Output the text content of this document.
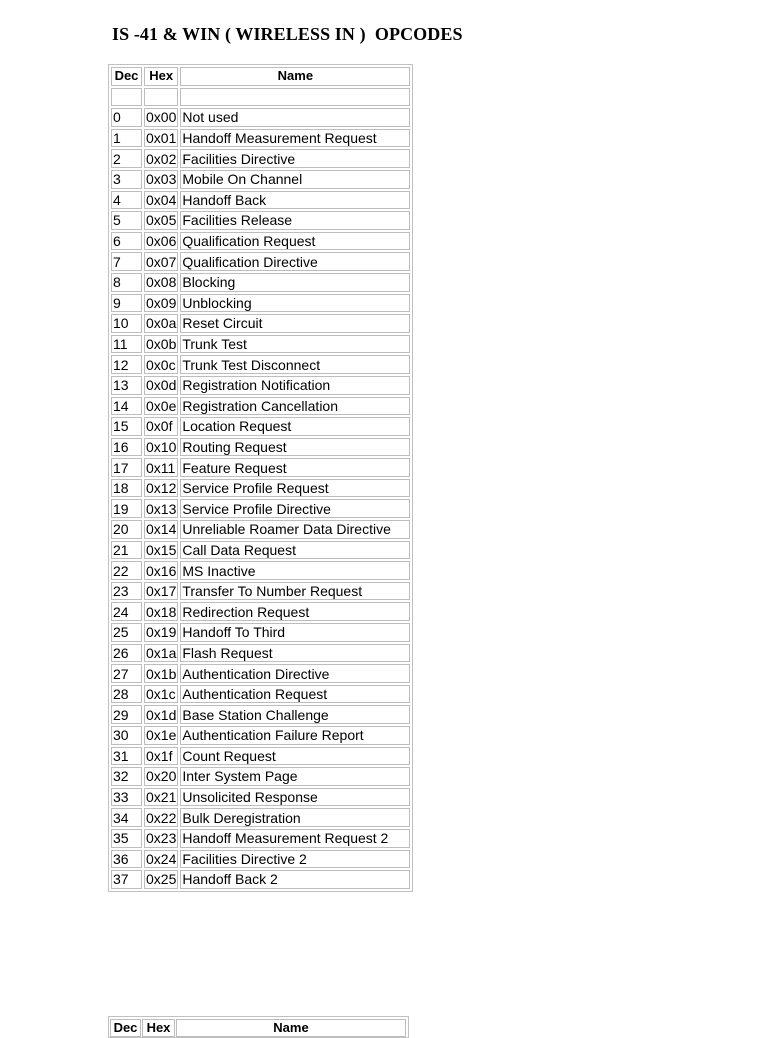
IS -41 & WIN ( WIRELESS IN )  OPCODES
Dec	Hex	Name

0	0x00	Not used
1	0x01	Handoff Measurement Request
2	0x02	Facilities Directive
3	0x03	Mobile On Channel
4	0x04	Handoff Back
5	0x05	Facilities Release
6	0x06	Qualification Request
7	0x07	Qualification Directive
8	0x08	Blocking
9	0x09	Unblocking
10	0x0a	Reset Circuit
11	0x0b	Trunk Test
12	0x0c	Trunk Test Disconnect
13	0x0d	Registration Notification
14	0x0e	Registration Cancellation
15	0x0f	Location Request
16	0x10	Routing Request
17	0x11	Feature Request
18	0x12	Service Profile Request
19	0x13	Service Profile Directive
20	0x14	Unreliable Roamer Data Directive
21	0x15	Call Data Request
22	0x16	MS Inactive
23	0x17	Transfer To Number Request
24	0x18	Redirection Request
25	0x19	Handoff To Third
26	0x1a	Flash Request
27	0x1b	Authentication Directive
28	0x1c	Authentication Request
29	0x1d	Base Station Challenge
30	0x1e	Authentication Failure Report
31	0x1f	Count Request
32	0x20	Inter System Page
33	0x21	Unsolicited Response
34	0x22	Bulk Deregistration
35	0x23	Handoff Measurement Request 2
36	0x24	Facilities Directive 2
37	0x25	Handoff Back 2
Dec Hex	Name
